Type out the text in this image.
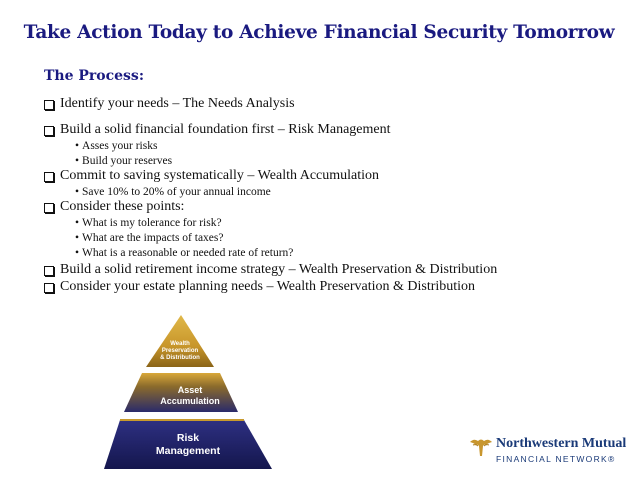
Take Action Today to Achieve Financial Security Tomorrow
The Process:
Identify your needs – The Needs Analysis
Build a solid financial foundation first – Risk Management
• Asses your risks
• Build your reserves
Commit to saving systematically – Wealth Accumulation
• Save 10% to 20% of your annual income
Consider these points:
• What is my tolerance for risk?
• What are the impacts of taxes?
• What is a reasonable or needed rate of return?
Build a solid retirement income strategy – Wealth Preservation & Distribution
Consider your estate planning needs – Wealth Preservation & Distribution
Wealth
Preservation
& Distribution
Asset
Accumulation
Risk
Management	Northwestern Mutual
FINANCIAL NETWORK®
